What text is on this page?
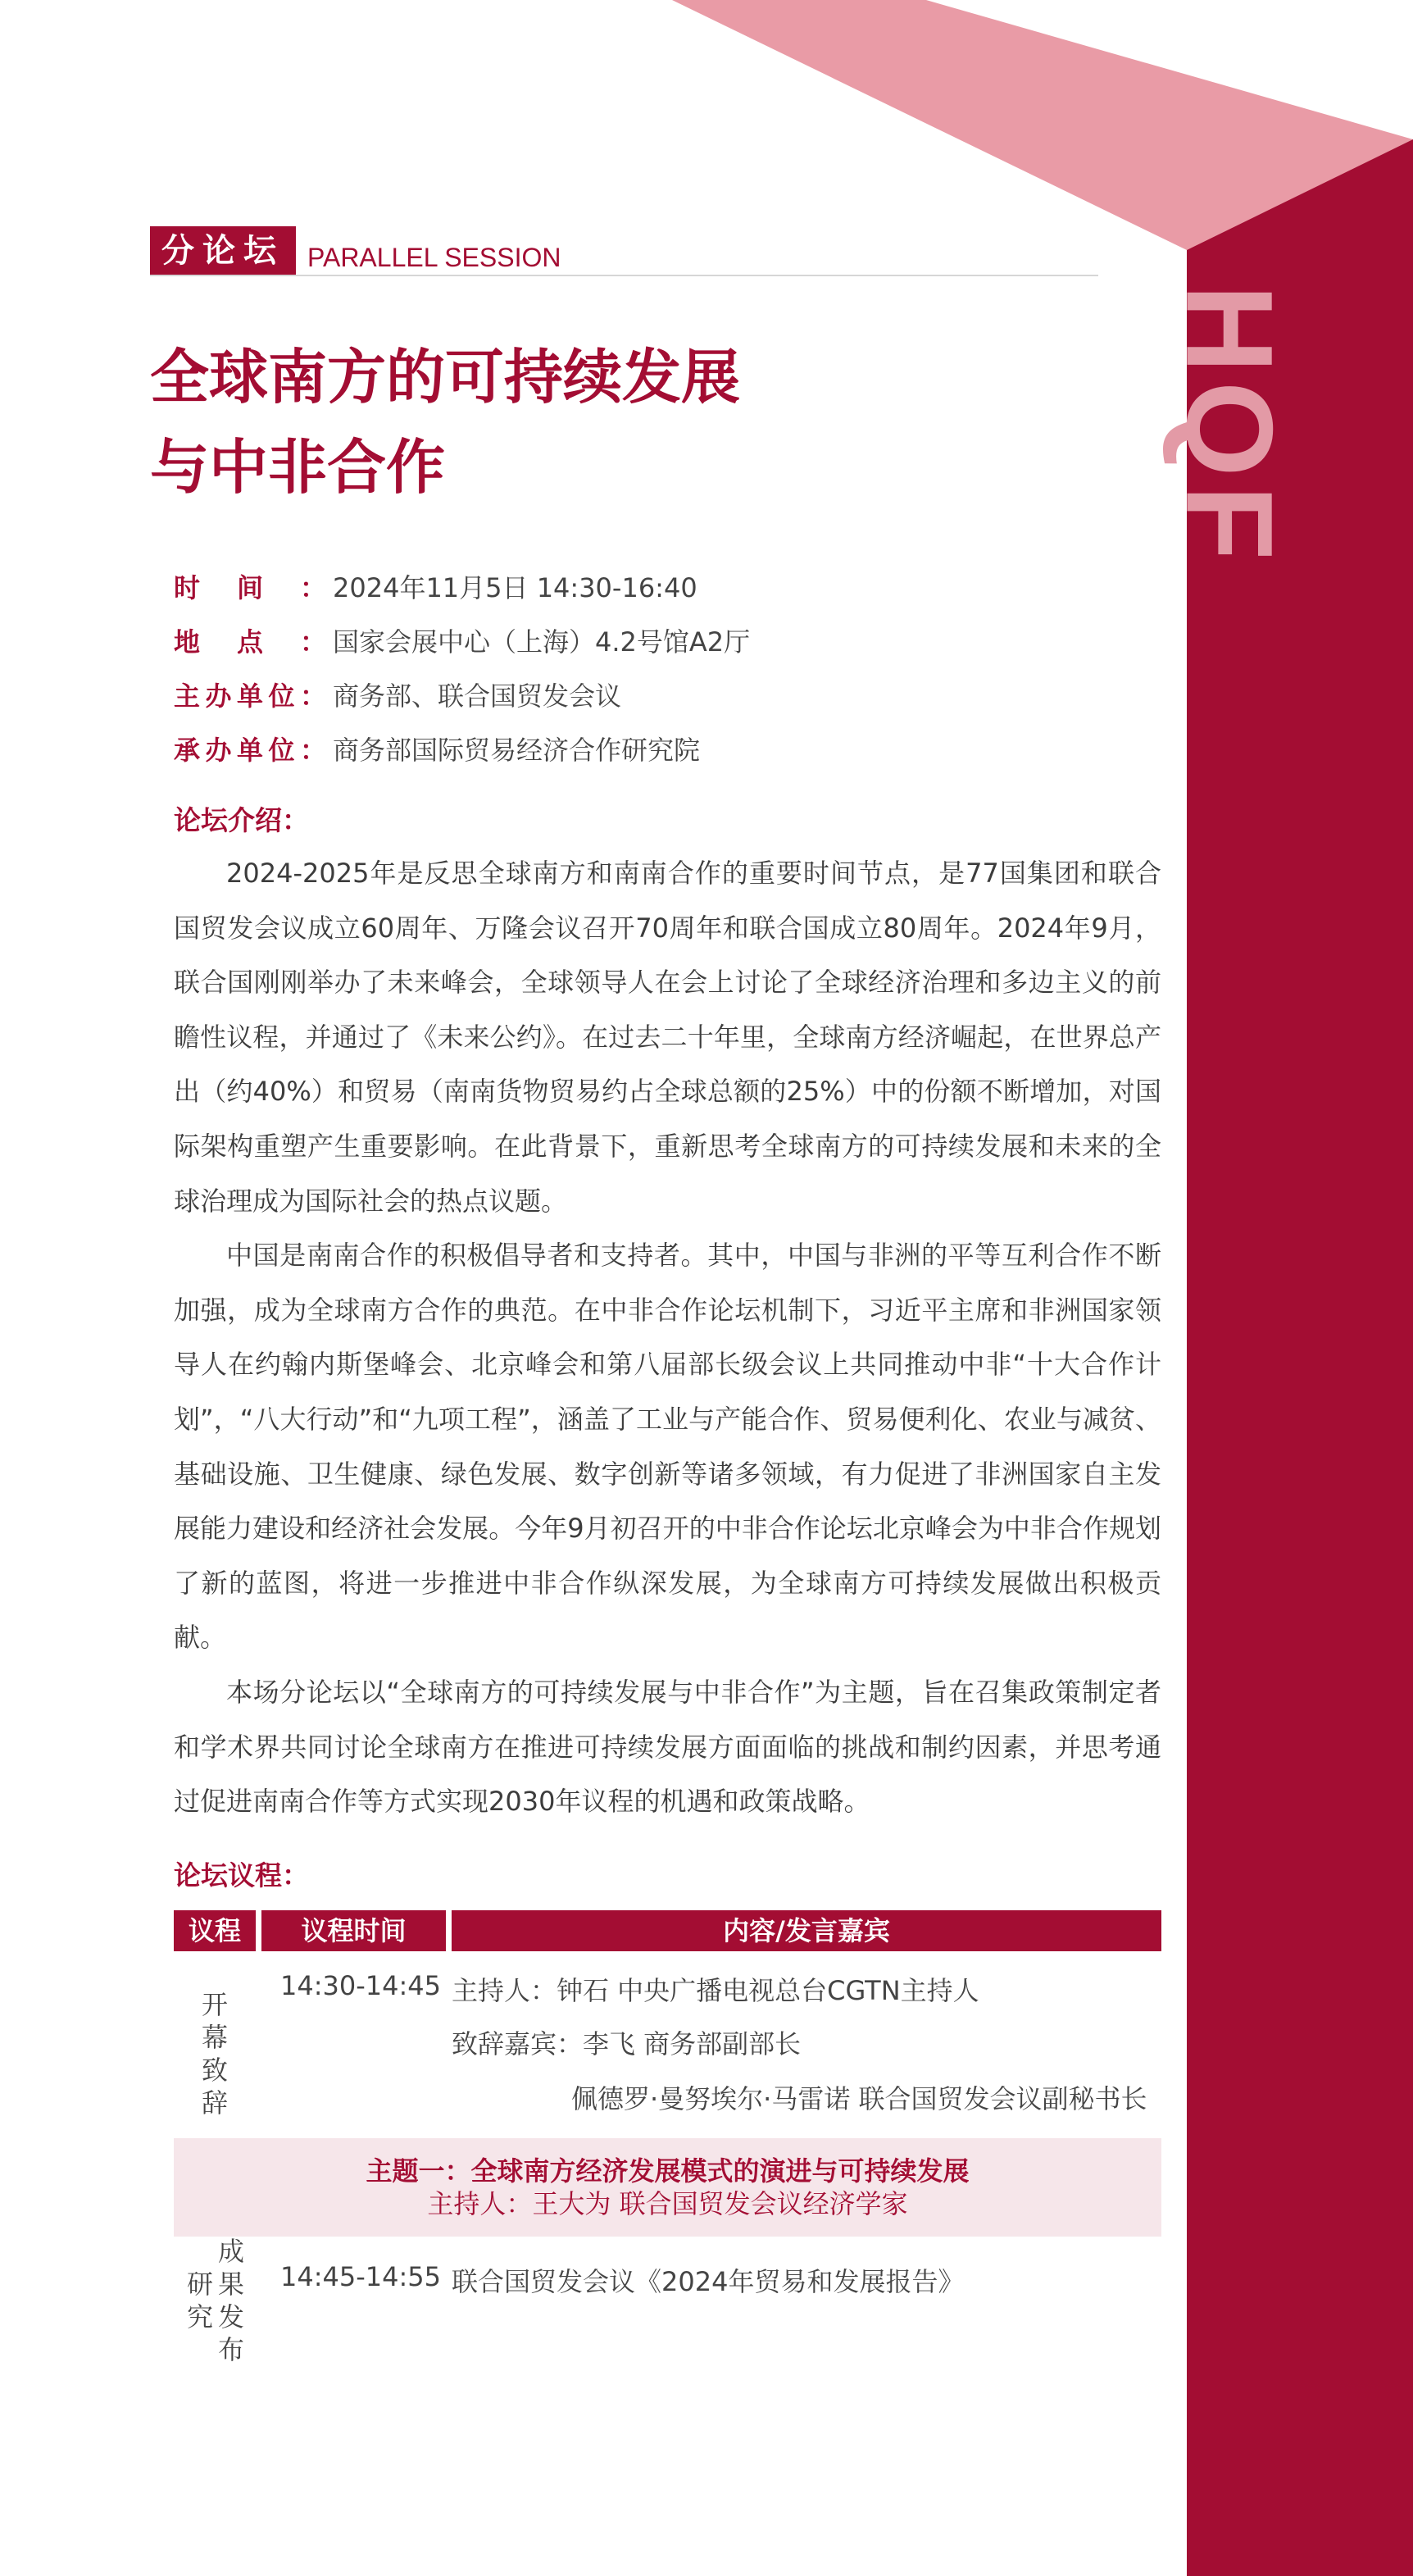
HQF
分论坛 PARALLEL SESSION
全球南方的可持续发展
与中非合作
时间： 2024年11月5日 14:30-16:40
地点： 国家会展中心（上海）4.2号馆A2厅
主办单位： 商务部、联合国贸发会议
承办单位： 商务部国际贸易经济合作研究院
论坛介绍：

2024-2025年是反思全球南方和南南合作的重要时间节点，是77国集团和联合国贸发会议成立60周年、万隆会议召开70周年和联合国成立80周年。2024年9月，联合国刚刚举办了未来峰会，全球领导人在会上讨论了全球经济治理和多边主义的前瞻性议程，并通过了《未来公约》。在过去二十年里，全球南方经济崛起，在世界总产出（约40%）和贸易（南南货物贸易约占全球总额的25%）中的份额不断增加，对国际架构重塑产生重要影响。在此背景下，重新思考全球南方的可持续发展和未来的全球治理成为国际社会的热点议题。

中国是南南合作的积极倡导者和支持者。其中，中国与非洲的平等互利合作不断加强，成为全球南方合作的典范。在中非合作论坛机制下，习近平主席和非洲国家领导人在约翰内斯堡峰会、北京峰会和第八届部长级会议上共同推动中非“十大合作计划”，“八大行动”和“九项工程”，涵盖了工业与产能合作、贸易便利化、农业与减贫、基础设施、卫生健康、绿色发展、数字创新等诸多领域，有力促进了非洲国家自主发展能力建设和经济社会发展。今年9月初召开的中非合作论坛北京峰会为中非合作规划了新的蓝图，将进一步推进中非合作纵深发展，为全球南方可持续发展做出积极贡献。

本场分论坛以“全球南方的可持续发展与中非合作”为主题，旨在召集政策制定者和学术界共同讨论全球南方在推进可持续发展方面面临的挑战和制约因素，并思考通过促进南南合作等方式实现2030年议程的机遇和政策战略。

论坛议程：
议程	议程时间	内容/发言嘉宾
开
幕
致
辞
14:30-14:45 主持人：钟石 中央广播电视总台CGTN主持人
致辞嘉宾：李飞 商务部副部长
佩德罗·曼努埃尔·马雷诺 联合国贸发会议副秘书长
主题一：全球南方经济发展模式的演进与可持续发展
主持人：王大为 联合国贸发会议经济学家
研
究
成
果
发
布
14:45-14:55 联合国贸发会议《2024年贸易和发展报告》
